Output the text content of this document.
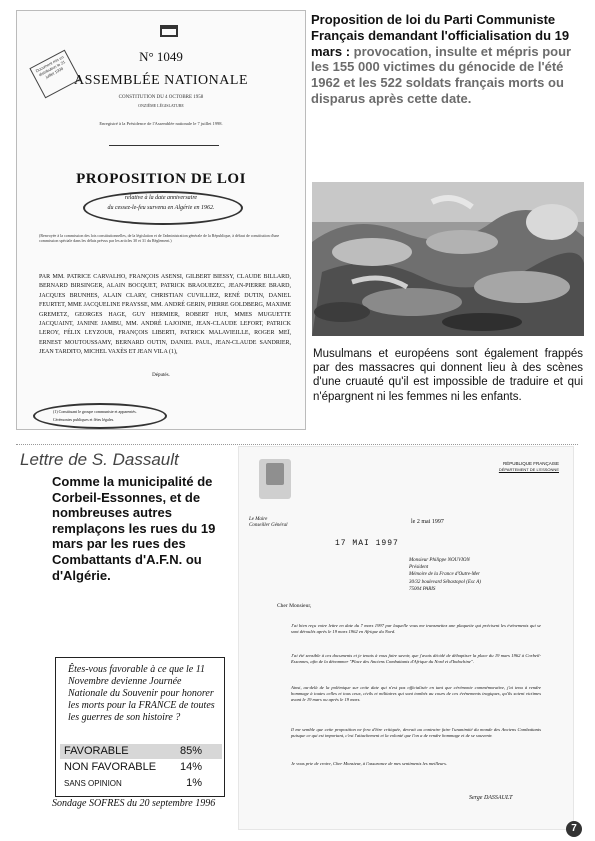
Document mis en distribution le 21 juillet 1998
N° 1049
ASSEMBLÉE NATIONALE
CONSTITUTION DU 4 OCTOBRE 1958
ONZIÈME LÉGISLATURE
Enregistré à la Présidence de l'Assemblée nationale le 7 juillet 1998.
PROPOSITION DE LOI
relative à la date anniversaire
du cessez-le-feu survenu en Algérie en 1962.
(Renvoyée à la commission des lois constitutionnelles, de la législation et de l'administration générale de la République, à défaut de constitution d'une commission spéciale dans les délais prévus par les articles 30 et 31 du Règlement.)
PAR MM. PATRICE CARVALHO, FRANÇOIS ASENSI, GILBERT BIESSY, CLAUDE BILLARD, BERNARD BIRSINGER, ALAIN BOCQUET, PATRICK BRAOUEZEC, JEAN-PIERRE BRARD, JACQUES BRUNHES, ALAIN CLARY, CHRISTIAN CUVILLIEZ, RENÉ DUTIN, DANIEL FEURTET, MME JACQUELINE FRAYSSE, MM. ANDRÉ GERIN, PIERRE GOLDBERG, MAXIME GREMETZ, GEORGES HAGE, GUY HERMIER, ROBERT HUE, MMES MUGUETTE JACQUAINT, JANINE JAMBU, MM. ANDRÉ LAJOINIE, JEAN-CLAUDE LEFORT, PATRICK LEROY, FÉLIX LEYZOUR, FRANÇOIS LIBERTI, PATRICK MALAVIEILLE, ROGER MEÏ, ERNEST MOUTOUSSAMY, BERNARD OUTIN, DANIEL PAUL, JEAN-CLAUDE SANDRIER, JEAN TARDITO, MICHEL VAXÈS ET JEAN VILA (1),
Députés.
(1) Constituant le groupe communiste et apparentés.
Cérémonies publiques et fêtes légales.
Proposition de loi du Parti Communiste Français demandant l'officialisation du 19 mars : provocation, insulte et mépris pour les 155 000 victimes du génocide de l'été 1962 et les 522 soldats français morts ou disparus après cette date.
Musulmans et européens sont également frappés par des massacres qui donnent lieu à des scènes d'une cruauté qu'il est impossible de traduire et qui n'épargnent ni les femmes ni les enfants.
Lettre de S. Dassault
Comme la municipalité de Corbeil-Essonnes, et de nombreuses autres remplaçons les rues du 19 mars par les rues des Combattants d'A.F.N. ou d'Algérie.
RÉPUBLIQUE FRANÇAISE
DÉPARTEMENT DE L'ESSONNE
Le Maire
Conseiller Général
le 2 mai 1997
17 MAI 1997
Monsieur Philippe NOUVION
Président
Mémoire de la France d'Outre-Mer
30/32 boulevard Sébastopol (Esc A)
75004 PARIS
Cher Monsieur,
J'ai bien reçu votre lettre en date du 7 mars 1997 par laquelle vous me transmettez une plaquette qui précisent les événements qui se sont déroulés après le 19 mars 1962 en Afrique du Nord.
J'ai été sensible à ces documents et je tenais à vous faire savoir, que j'avais décidé de débaptiser la place du 19 mars 1962 à Corbeil-Essonnes, afin de la dénommer "Place des Anciens Combattants d'Afrique du Nord et d'Indochine".
Ainsi, au-delà de la polémique sur cette date qui n'est pas officialisée en tant que cérémonie commémorative, j'ai tenu à rendre hommage à toutes celles et tous ceux, civils et militaires qui sont tombés au cours de ces événements tragiques, qu'ils soient victimes avant le 19 mars ou après le 19 mars.
Il me semble que cette proposition ne fera d'être critiquée, devrait au contraire faire l'unanimité du monde des Anciens Combattants puisque ce qui est important, c'est l'attachement et la volonté que l'on a de rendre hommage et de se souvenir.
Je vous prie de croire, Cher Monsieur, à l'assurance de mes sentiments les meilleurs.
Serge DASSAULT
Êtes-vous favorable à ce que le 11 Novembre devienne Journée Nationale du Souvenir pour honorer les morts pour la FRANCE de toutes les guerres de son histoire ?
FAVORABLE	85%
NON FAVORABLE 14%
SANS OPINION	1%
Sondage SOFRES du 20 septembre 1996
7
